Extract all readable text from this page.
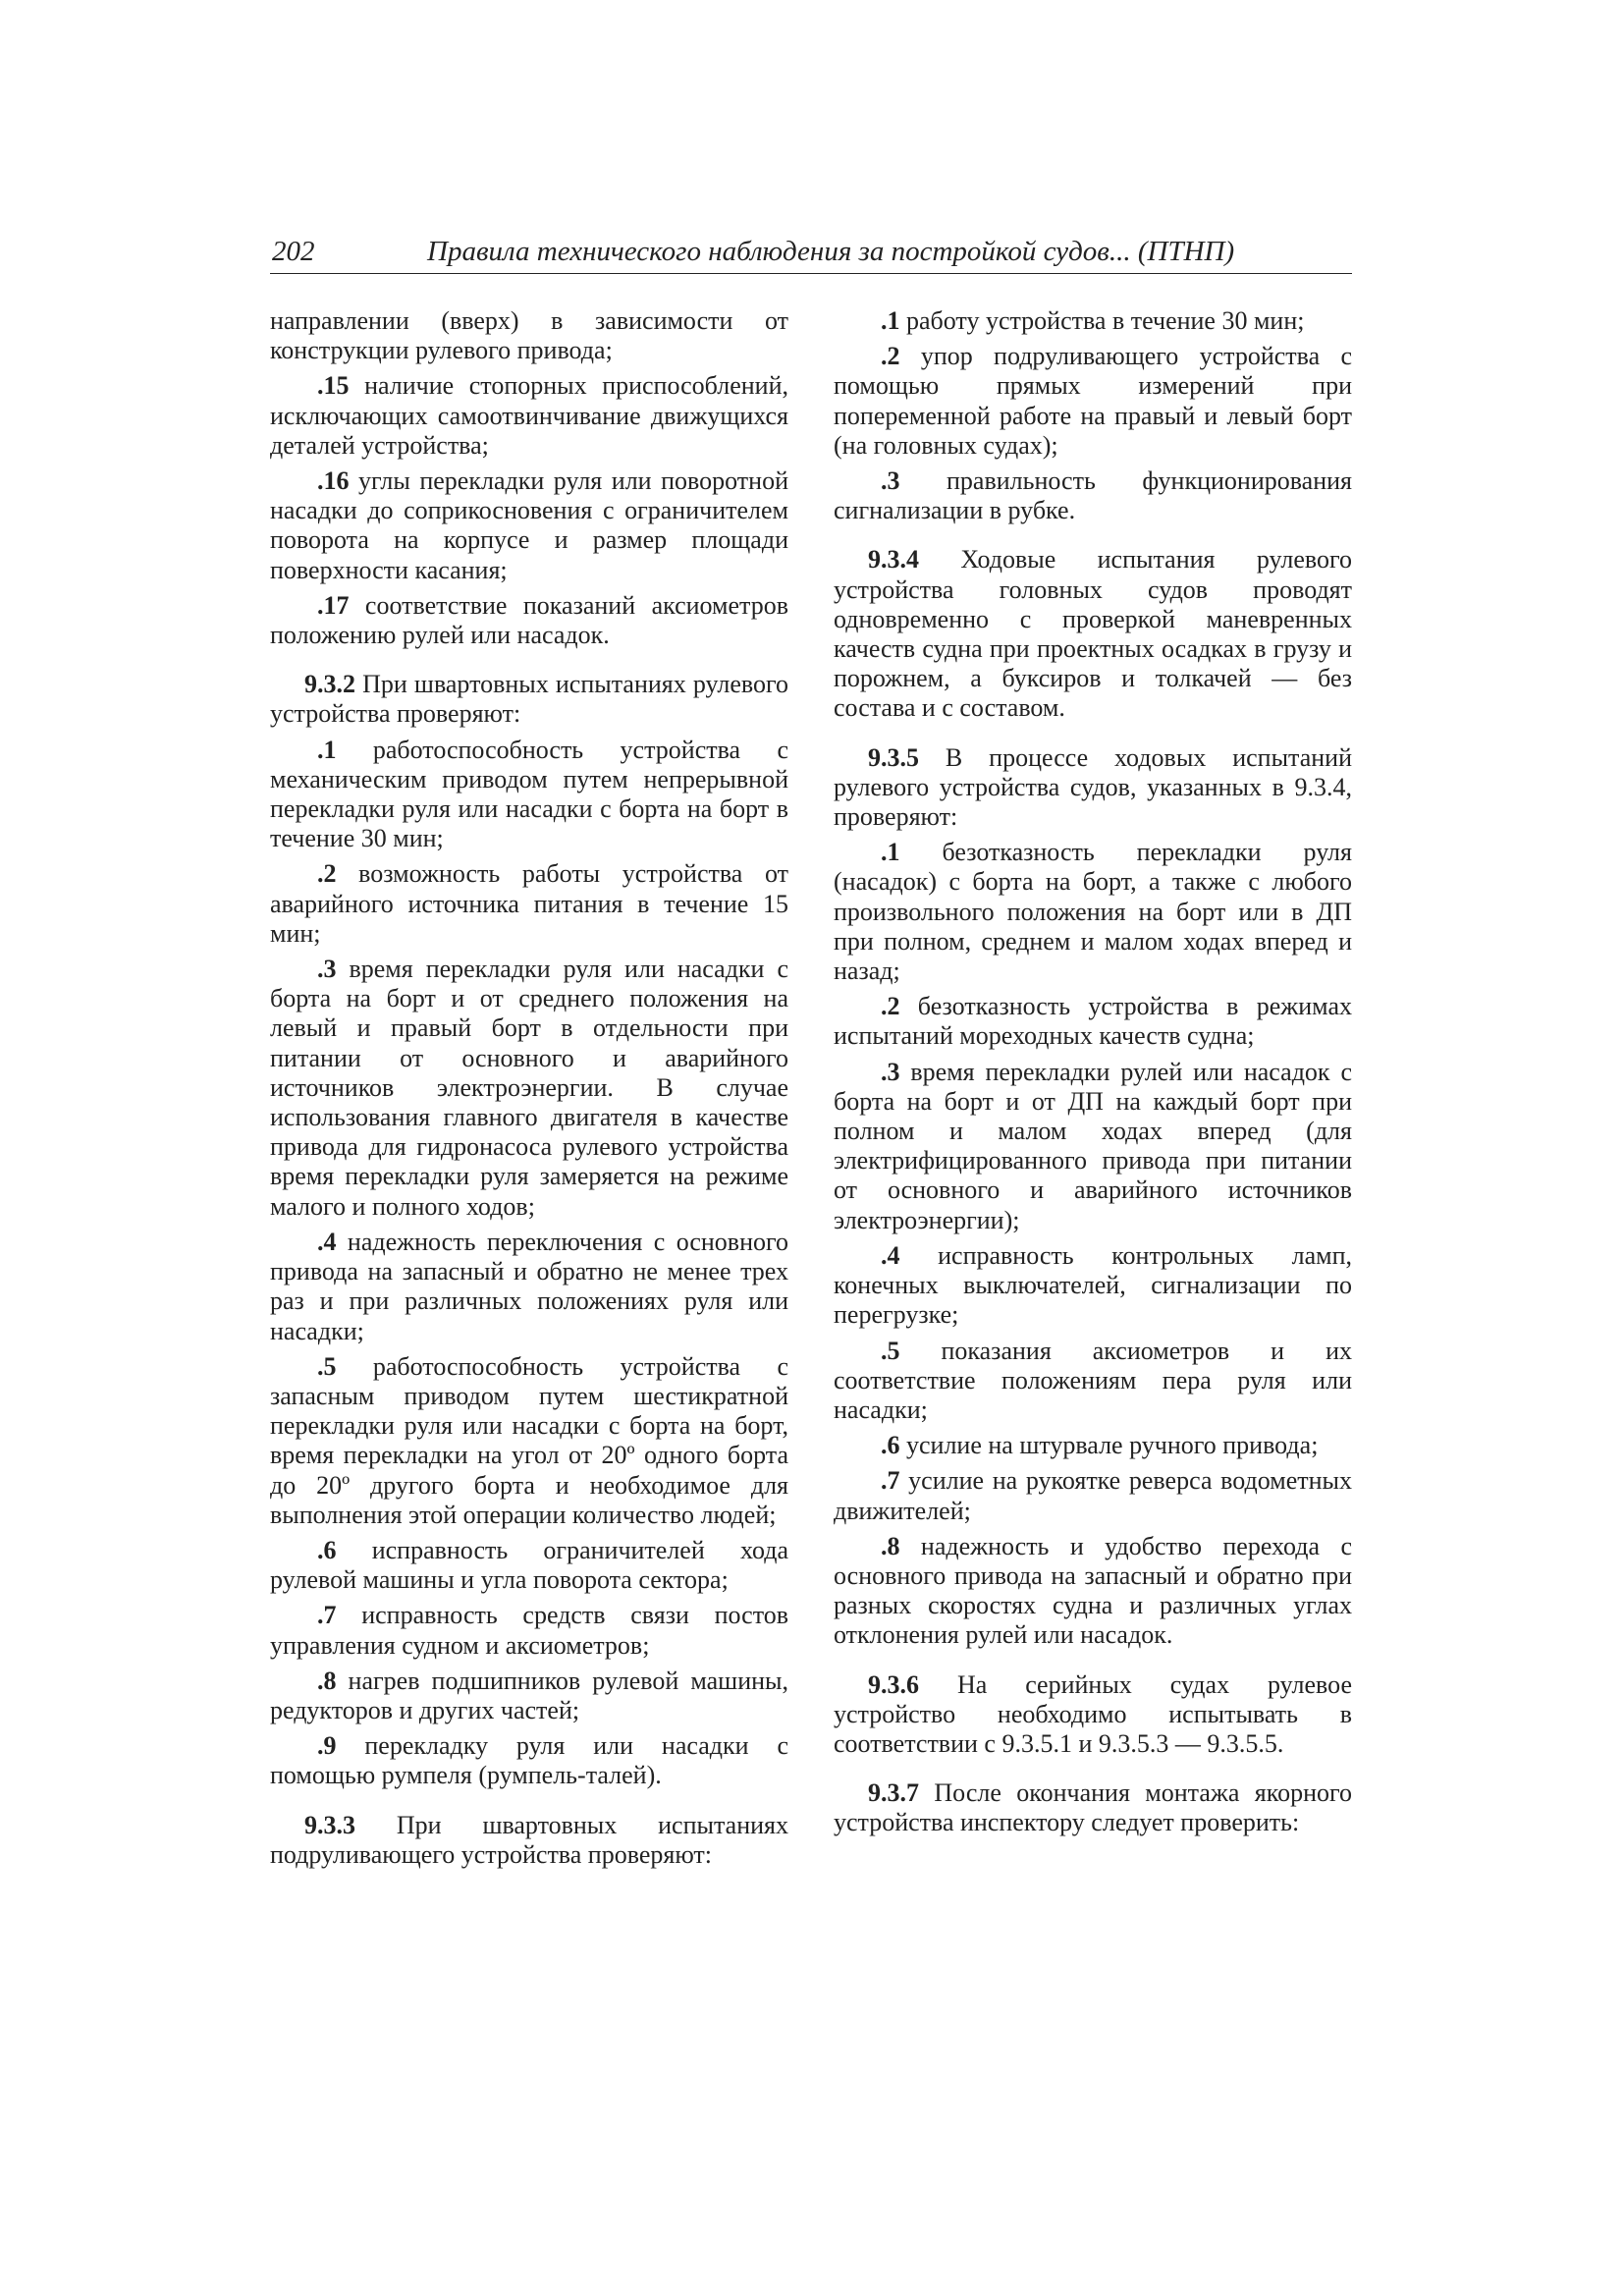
202	Правила технического наблюдения за постройкой судов... (ПТНП)

направлении (вверх) в зависимости от конструкции рулевого привода;

.15 наличие стопорных приспособлений, исключающих самоотвинчивание движущихся деталей устройства;

.16 углы перекладки руля или поворотной насадки до соприкосновения с ограничителем поворота на корпусе и размер площади поверхности касания;

.17 соответствие показаний аксиометров положению рулей или насадок.

9.3.2 При швартовных испытаниях рулевого устройства проверяют:

.1 работоспособность устройства с механическим приводом путем непрерывной перекладки руля или насадки с борта на борт в течение 30 мин;

.2 возможность работы устройства от аварийного источника питания в течение 15 мин;

.3 время перекладки руля или насадки с борта на борт и от среднего положения на левый и правый борт в отдельности при питании от основного и аварийного источников электроэнергии. В случае использования главного двигателя в качестве привода для гидронасоса рулевого устройства время перекладки руля замеряется на режиме малого и полного ходов;

.4 надежность переключения с основного привода на запасный и обратно не менее трех раз и при различных положениях руля или насадки;

.5 работоспособность устройства с запасным приводом путем шестикратной перекладки руля или насадки с борта на борт, время перекладки на угол от 20º одного борта до 20º другого борта и необходимое для выполнения этой операции количество людей;

.6 исправность ограничителей хода рулевой машины и угла поворота сектора;

.7 исправность средств связи постов управления судном и аксиометров;

.8 нагрев подшипников рулевой машины, редукторов и других частей;

.9 перекладку руля или насадки с помощью румпеля (румпель-талей).

9.3.3 При швартовных испытаниях подруливающего устройства проверяют:

.1 работу устройства в течение 30 мин;

.2 упор подруливающего устройства с помощью прямых измерений при попеременной работе на правый и левый борт (на головных судах);

.3 правильность функционирования сигнализации в рубке.

9.3.4 Ходовые испытания рулевого устройства головных судов проводят одновременно с проверкой маневренных качеств судна при проектных осадках в грузу и порожнем, а буксиров и толкачей — без состава и с составом.

9.3.5 В процессе ходовых испытаний рулевого устройства судов, указанных в 9.3.4, проверяют:

.1 безотказность перекладки руля (насадок) с борта на борт, а также с любого произвольного положения на борт или в ДП при полном, среднем и малом ходах вперед и назад;

.2 безотказность устройства в режимах испытаний мореходных качеств судна;

.3 время перекладки рулей или насадок с борта на борт и от ДП на каждый борт при полном и малом ходах вперед (для электрифицированного привода при питании от основного и аварийного источников электроэнергии);

.4 исправность контрольных ламп, конечных выключателей, сигнализации по перегрузке;

.5 показания аксиометров и их соответствие положениям пера руля или насадки;

.6 усилие на штурвале ручного привода;

.7 усилие на рукоятке реверса водометных движителей;

.8 надежность и удобство перехода с основного привода на запасный и обратно при разных скоростях судна и различных углах отклонения рулей или насадок.

9.3.6 На серийных судах рулевое устройство необходимо испытывать в соответствии с 9.3.5.1 и 9.3.5.3 — 9.3.5.5.

9.3.7 После окончания монтажа якорного устройства инспектору следует проверить:
